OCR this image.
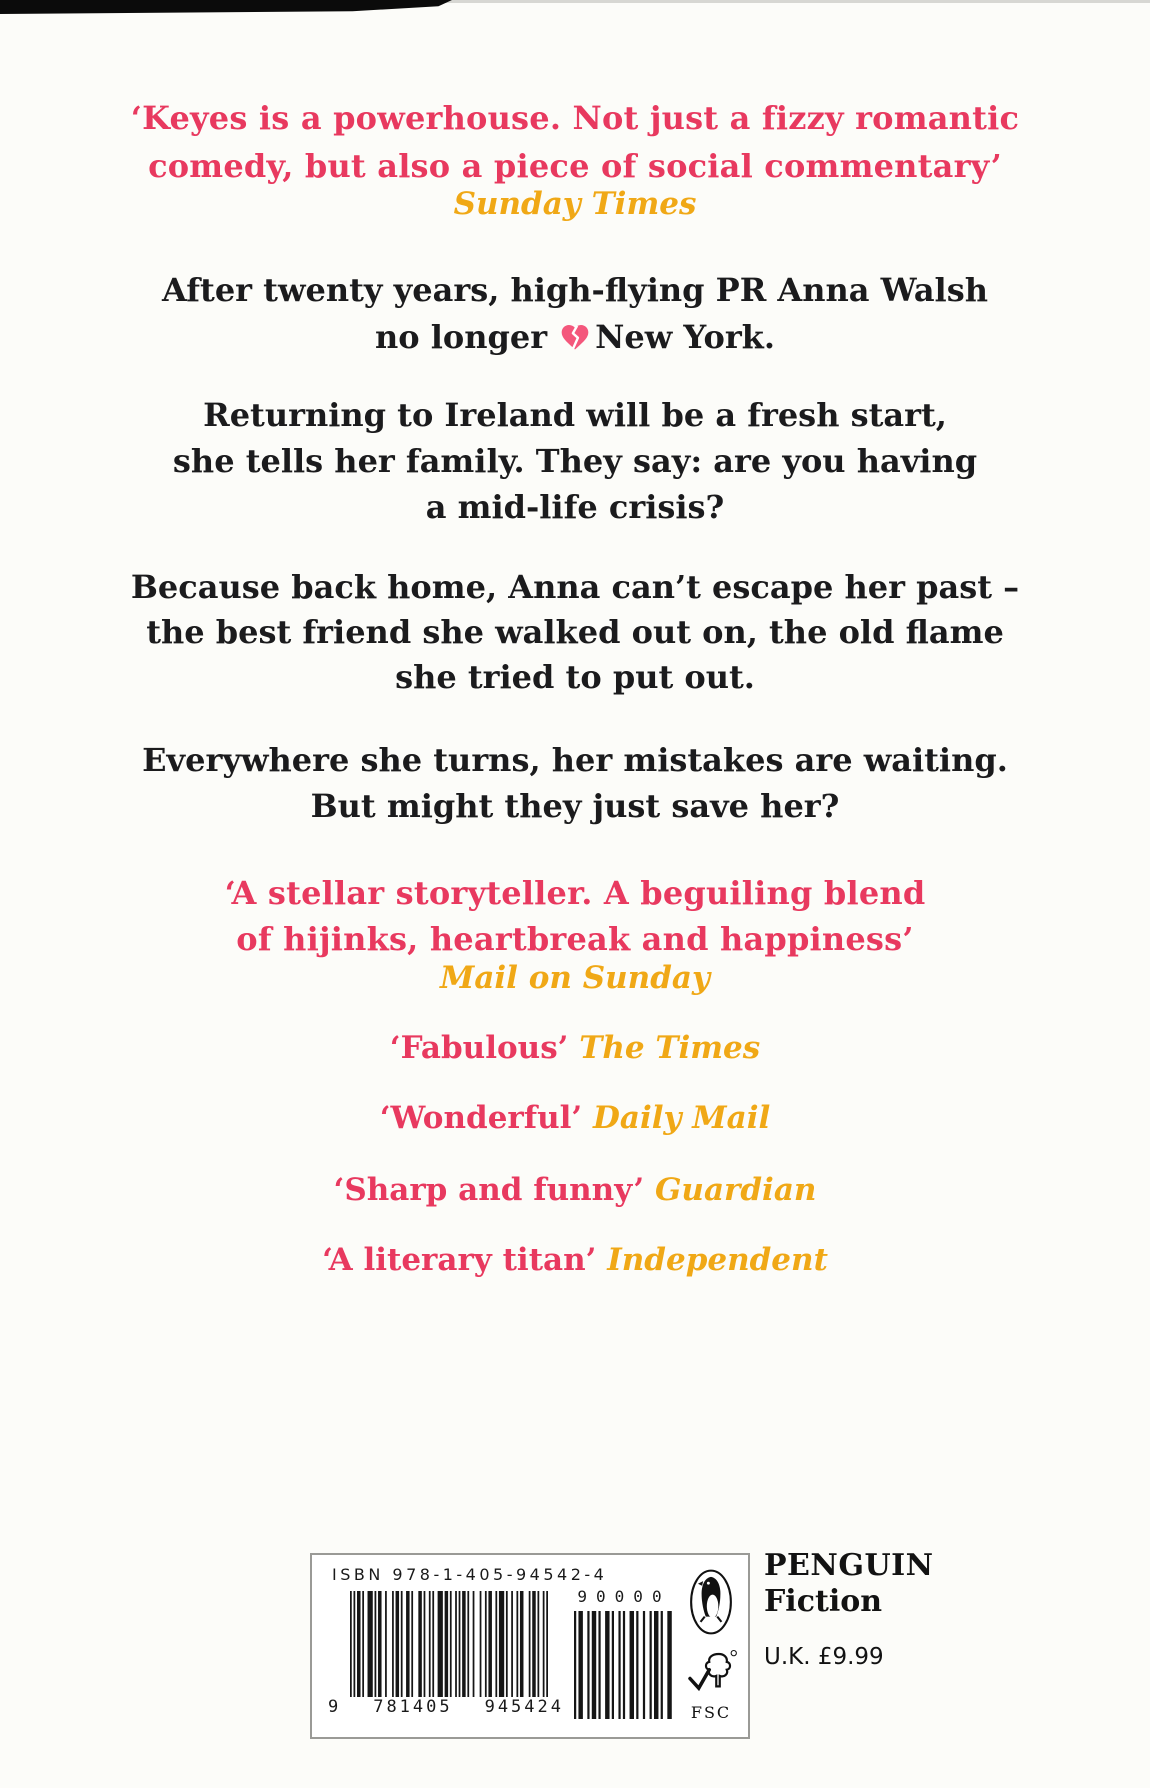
‘Keyes is a powerhouse. Not just a fizzy romantic
comedy, but also a piece of social commentary’
Sunday Times
After twenty years, high-flying PR Anna Walsh
no longer New York.
Returning to Ireland will be a fresh start,
she tells her family. They say: are you having
a mid-life crisis?
Because back home, Anna can’t escape her past –
the best friend she walked out on, the old flame
she tried to put out.
Everywhere she turns, her mistakes are waiting.
But might they just save her?
‘A stellar storyteller. A beguiling blend
of hijinks, heartbreak and happiness’
Mail on Sunday
‘Fabulous’ The Times
‘Wonderful’ Daily Mail
‘Sharp and funny’ Guardian
‘A literary titan’ Independent
ISBN 978-1-405-94542-4
9 781405 945424
90000
FSC
PENGUIN
Fiction
U.K. £9.99
